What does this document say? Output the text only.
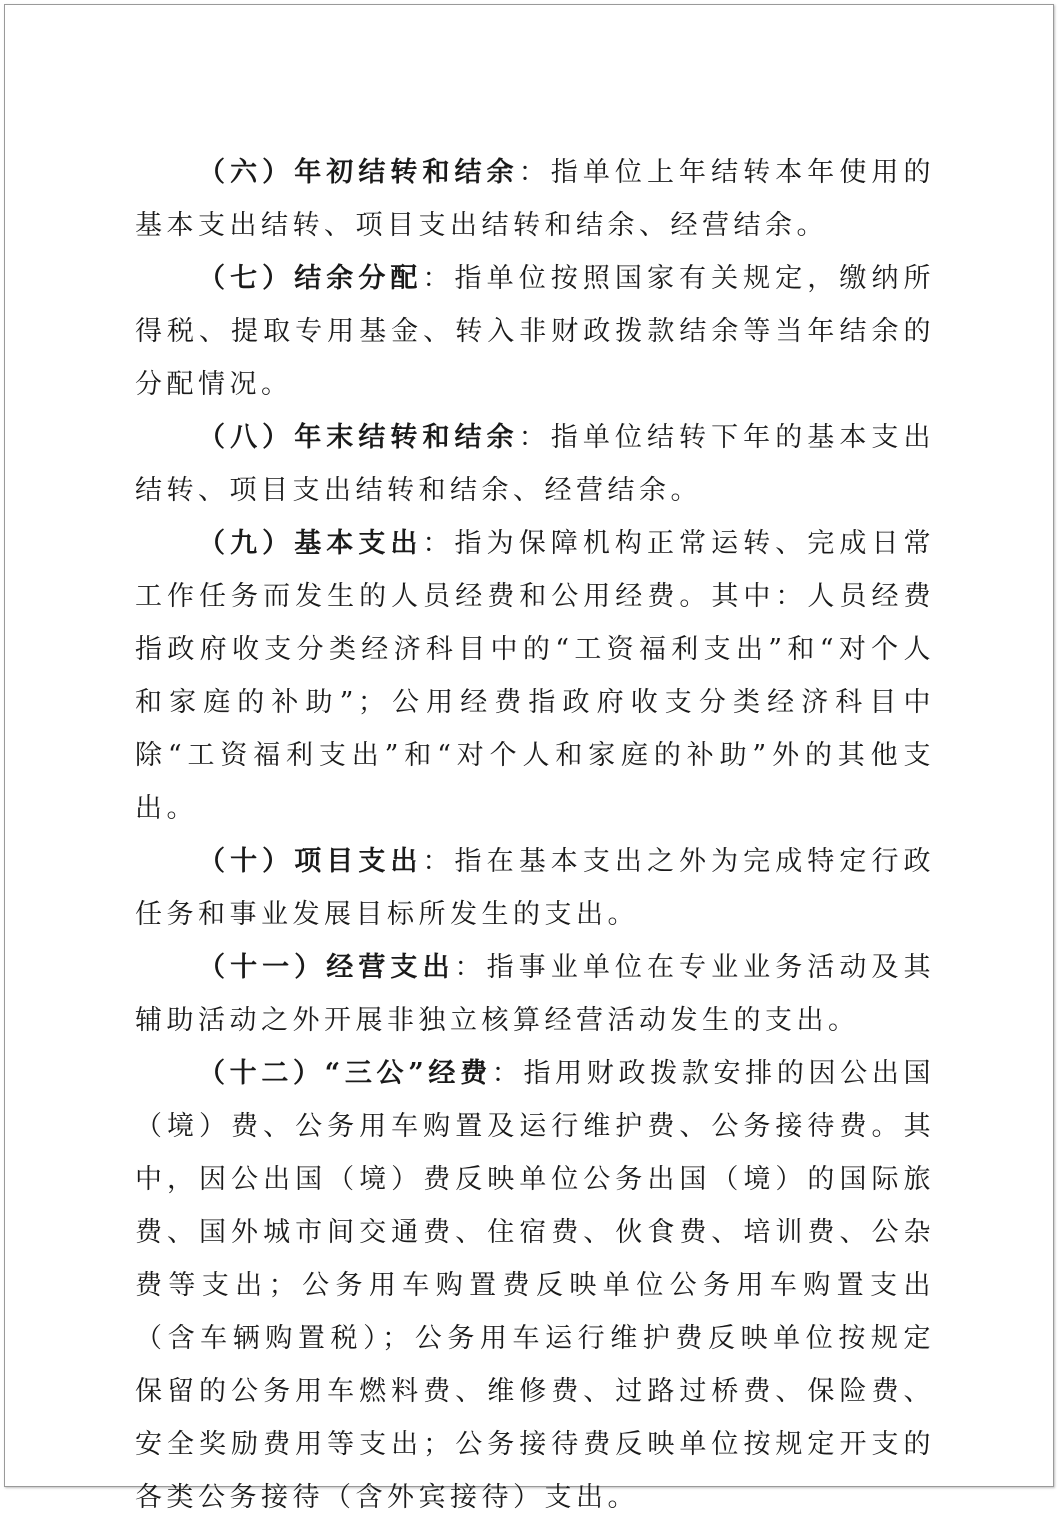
（六）年初结转和结余：指单位上年结转本年使用的基本支出结转、项目支出结转和结余、经营结余。

（七）结余分配：指单位按照国家有关规定，缴纳所得税、提取专用基金、转入非财政拨款结余等当年结余的分配情况。

（八）年末结转和结余：指单位结转下年的基本支出结转、项目支出结转和结余、经营结余。

（九）基本支出：指为保障机构正常运转、完成日常工作任务而发生的人员经费和公用经费。其中：人员经费指政府收支分类经济科目中的“工资福利支出”和“对个人和家庭的补助”；公用经费指政府收支分类经济科目中除“工资福利支出”和“对个人和家庭的补助”外的其他支出。

（十）项目支出：指在基本支出之外为完成特定行政任务和事业发展目标所发生的支出。

（十一）经营支出：指事业单位在专业业务活动及其辅助活动之外开展非独立核算经营活动发生的支出。

（十二）“三公”经费：指用财政拨款安排的因公出国（境）费、公务用车购置及运行维护费、公务接待费。其中，因公出国（境）费反映单位公务出国（境）的国际旅费、国外城市间交通费、住宿费、伙食费、培训费、公杂费等支出；公务用车购置费反映单位公务用车购置支出（含车辆购置税）；公务用车运行维护费反映单位按规定保留的公务用车燃料费、维修费、过路过桥费、保险费、安全奖励费用等支出；公务接待费反映单位按规定开支的各类公务接待（含外宾接待）支出。
